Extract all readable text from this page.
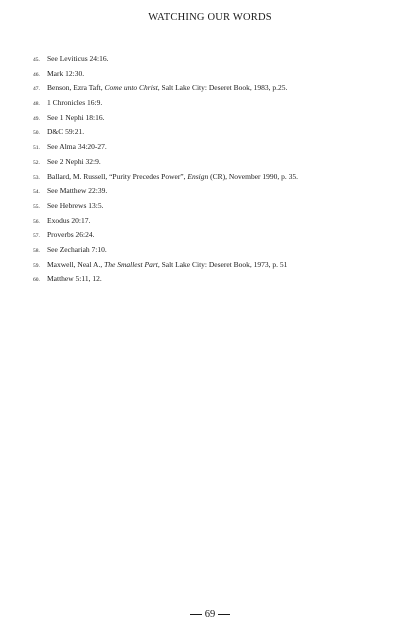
WATCHING OUR WORDS
45. See Leviticus 24:16.
46. Mark 12:30.
47. Benson, Ezra Taft, Come unto Christ, Salt Lake City: Deseret Book, 1983, p.25.
48. 1 Chronicles 16:9.
49. See 1 Nephi 18:16.
50. D&C 59:21.
51. See Alma 34:20-27.
52. See 2 Nephi 32:9.
53. Ballard, M. Russell, “Purity Precedes Power”, Ensign (CR), November 1990, p. 35.
54. See Matthew 22:39.
55. See Hebrews 13:5.
56. Exodus 20:17.
57. Proverbs 26:24.
58. See Zechariah 7:10.
59. Maxwell, Neal A., The Smallest Part, Salt Lake City: Deseret Book, 1973, p. 51
60. Matthew 5:11, 12.
69
